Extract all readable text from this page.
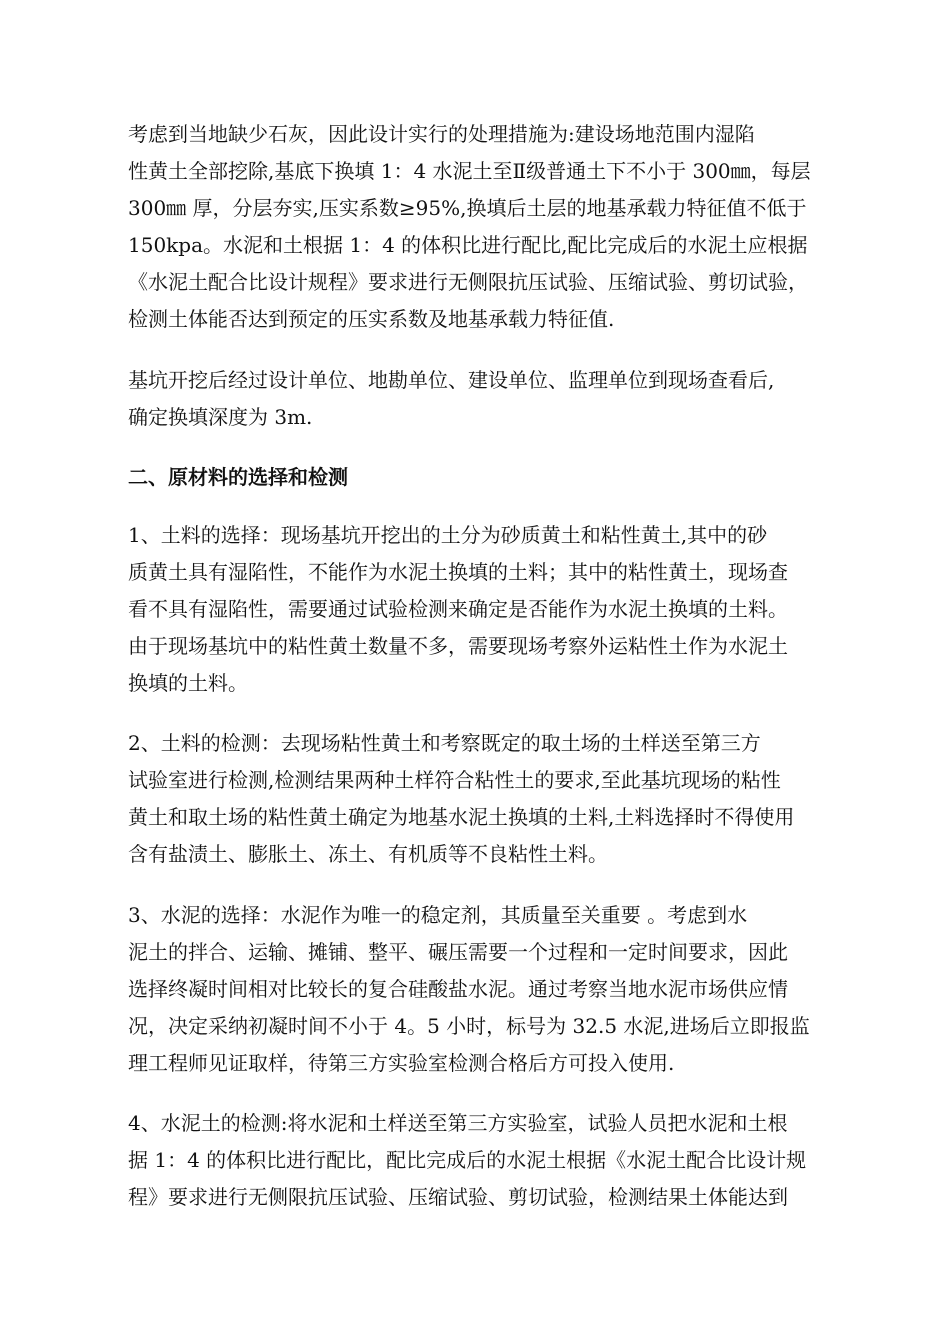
考虑到当地缺少石灰，因此设计实行的处理措施为:建设场地范围内湿陷
性黄土全部挖除,基底下换填 1：4 水泥土至Ⅱ级普通土下不小于 300㎜，每层
300㎜ 厚，分层夯实,压实系数≥95%,换填后土层的地基承载力特征值不低于
150kpa。水泥和土根据 1：4 的体积比进行配比,配比完成后的水泥土应根据
《水泥土配合比设计规程》要求进行无侧限抗压试验、压缩试验、剪切试验，
检测土体能否达到预定的压实系数及地基承载力特征值.
基坑开挖后经过设计单位、地勘单位、建设单位、监理单位到现场查看后,
确定换填深度为 3m.
二、原材料的选择和检测
1、土料的选择：现场基坑开挖出的土分为砂质黄土和粘性黄土,其中的砂
质黄土具有湿陷性，不能作为水泥土换填的土料；其中的粘性黄土，现场查
看不具有湿陷性，需要通过试验检测来确定是否能作为水泥土换填的土料。
由于现场基坑中的粘性黄土数量不多，需要现场考察外运粘性土作为水泥土
换填的土料。
2、土料的检测：去现场粘性黄土和考察既定的取土场的土样送至第三方
试验室进行检测,检测结果两种土样符合粘性土的要求,至此基坑现场的粘性
黄土和取土场的粘性黄土确定为地基水泥土换填的土料,土料选择时不得使用
含有盐渍土、膨胀土、冻土、有机质等不良粘性土料。
3、水泥的选择：水泥作为唯一的稳定剂，其质量至关重要 。考虑到水
泥土的拌合、运输、摊铺、整平、碾压需要一个过程和一定时间要求，因此
选择终凝时间相对比较长的复合硅酸盐水泥。通过考察当地水泥市场供应情
况，决定采纳初凝时间不小于 4。5 小时，标号为 32.5 水泥,进场后立即报监
理工程师见证取样，待第三方实验室检测合格后方可投入使用.
4、水泥土的检测:将水泥和土样送至第三方实验室，试验人员把水泥和土根
据 1：4 的体积比进行配比，配比完成后的水泥土根据《水泥土配合比设计规
程》要求进行无侧限抗压试验、压缩试验、剪切试验，检测结果土体能达到
